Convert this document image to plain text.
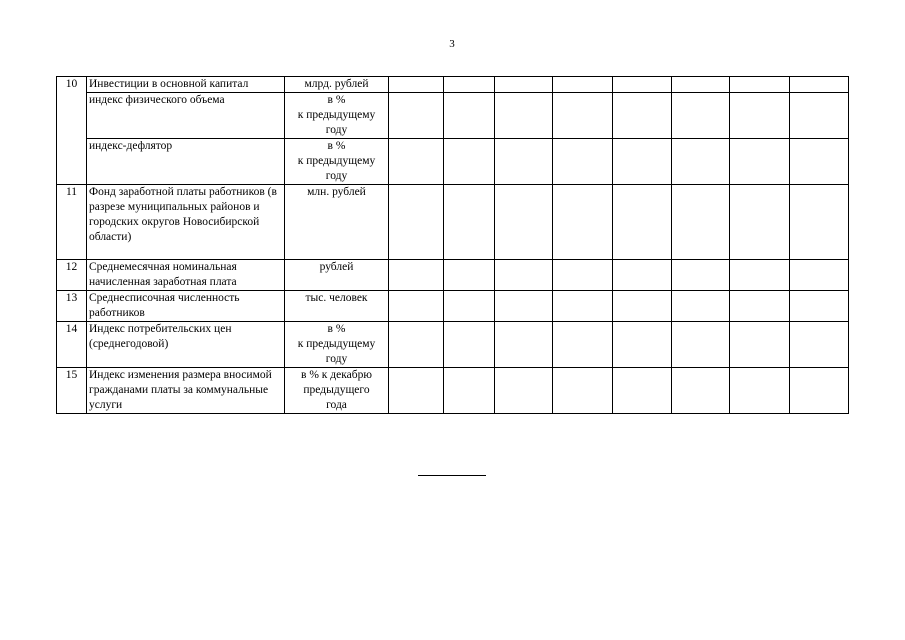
3
10	Инвестиции в основной капитал	млрд. рублей								
	индекс физического объема	в %
к предыдущему
году								
	индекс-дефлятор	в %
к предыдущему
году								
11	Фонд заработной платы работников (в разрезе муниципальных районов и городских округов Новосибирской области)	млн. рублей								
12	Среднемесячная номинальная начисленная заработная плата	рублей								
13	Среднесписочная численность работников	тыс. человек								
14	Индекс потребительских цен (среднегодовой)	в %
к предыдущему
году								
15	Индекс изменения размера вносимой гражданами платы за коммунальные услуги	в % к декабрю
предыдущего
года								
